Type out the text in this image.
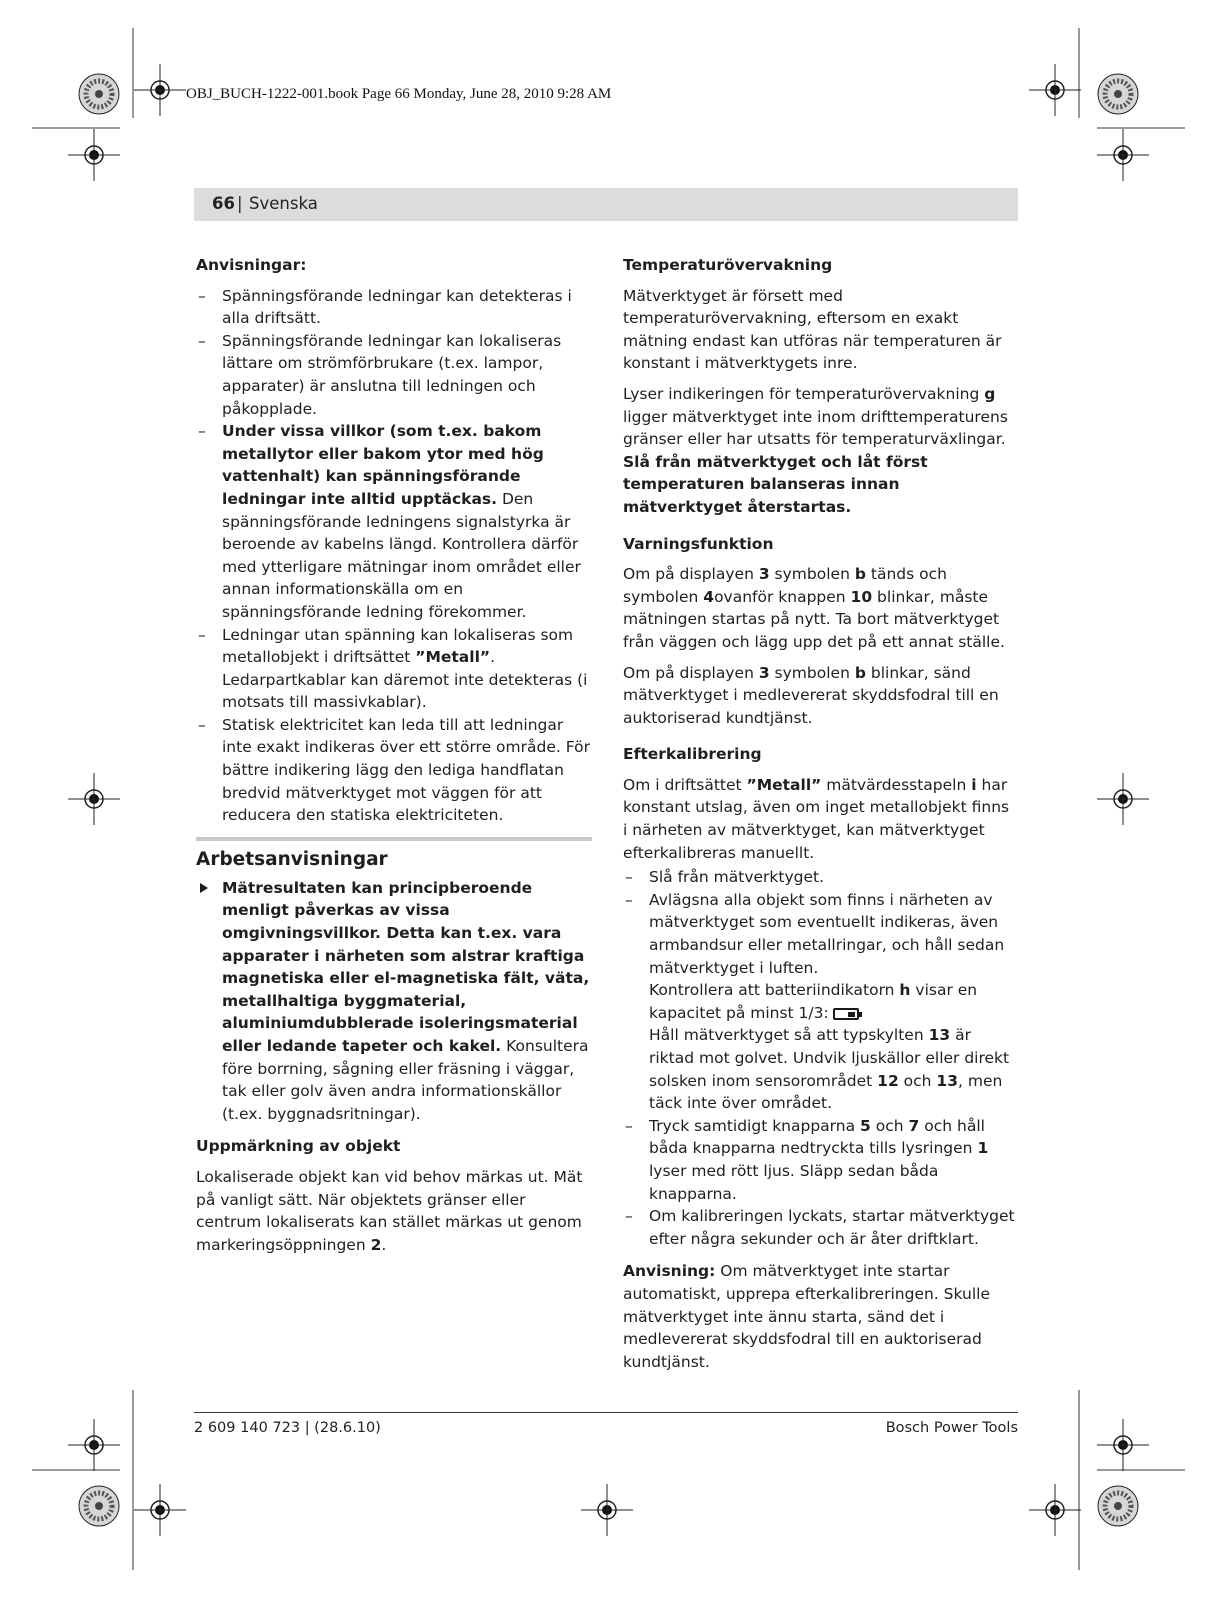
OBJ_BUCH-1222-001.book Page 66 Monday, June 28, 2010 9:28 AM
66 | Svenska
Anvisningar:
– Spänningsförande ledningar kan detekteras i alla driftsätt.
– Spänningsförande ledningar kan lokaliseras lättare om strömförbrukare (t.ex. lampor, apparater) är anslutna till ledningen och påkopplade.
– Under vissa villkor (som t.ex. bakom metallytor eller bakom ytor med hög vattenhalt) kan spänningsförande ledningar inte alltid upptäckas. Den spänningsförande ledningens signalstyrka är beroende av kabelns längd. Kontrollera därför med ytterligare mätningar inom området eller annan informationskälla om en spänningsförande ledning förekommer.
– Ledningar utan spänning kan lokaliseras som metallobjekt i driftsättet ”Metall”. Ledarpartkablar kan däremot inte detekteras (i motsats till massivkablar).
– Statisk elektricitet kan leda till att ledningar inte exakt indikeras över ett större område. För bättre indikering lägg den lediga handflatan bredvid mätverktyget mot väggen för att reducera den statiska elektriciteten.
Arbetsanvisningar
Mätresultaten kan principberoende menligt påverkas av vissa omgivningsvillkor. Detta kan t.ex. vara apparater i närheten som alstrar kraftiga magnetiska eller el-magnetiska fält, väta, metallhaltiga byggmaterial, aluminiumdubblerade isoleringsmaterial eller ledande tapeter och kakel. Konsultera före borrning, sågning eller fräsning i väggar, tak eller golv även andra informationskällor (t.ex. byggnadsritningar).
Uppmärkning av objekt

Lokaliserade objekt kan vid behov märkas ut. Mät på vanligt sätt. När objektets gränser eller centrum lokaliserats kan stället märkas ut genom markeringsöppningen 2.

Temperaturövervakning

Mätverktyget är försett med temperaturövervakning, eftersom en exakt mätning endast kan utföras när temperaturen är konstant i mätverktygets inre.

Lyser indikeringen för temperaturövervakning g ligger mätverktyget inte inom drifttemperaturens gränser eller har utsatts för temperaturväxlingar. Slå från mätverktyget och låt först temperaturen balanseras innan mätverktyget återstartas.

Varningsfunktion

Om på displayen 3 symbolen b tänds och symbolen 4ovanför knappen 10 blinkar, måste mätningen startas på nytt. Ta bort mätverktyget från väggen och lägg upp det på ett annat ställe.

Om på displayen 3 symbolen b blinkar, sänd mätverktyget i medlevererat skyddsfodral till en auktoriserad kundtjänst.

Efterkalibrering

Om i driftsättet ”Metall” mätvärdesstapeln i har konstant utslag, även om inget metallobjekt finns i närheten av mätverktyget, kan mätverktyget efterkalibreras manuellt.

– Slå från mätverktyget.
– Avlägsna alla objekt som finns i närheten av mätverktyget som eventuellt indikeras, även armbandsur eller metallringar, och håll sedan mätverktyget i luften.
Kontrollera att batteriindikatorn h visar en kapacitet på minst 1/3:
Håll mätverktyget så att typskylten 13 är riktad mot golvet. Undvik ljuskällor eller direkt solsken inom sensorområdet 12 och 13, men täck inte över området.
– Tryck samtidigt knapparna 5 och 7 och håll båda knapparna nedtryckta tills lysringen 1 lyser med rött ljus. Släpp sedan båda knapparna.
– Om kalibreringen lyckats, startar mätverktyget efter några sekunder och är åter driftklart.

Anvisning: Om mätverktyget inte startar automatiskt, upprepa efterkalibreringen. Skulle mätverktyget inte ännu starta, sänd det i medlevererat skyddsfodral till en auktoriserad kundtjänst.

2 609 140 723 | (28.6.10)	Bosch Power Tools
